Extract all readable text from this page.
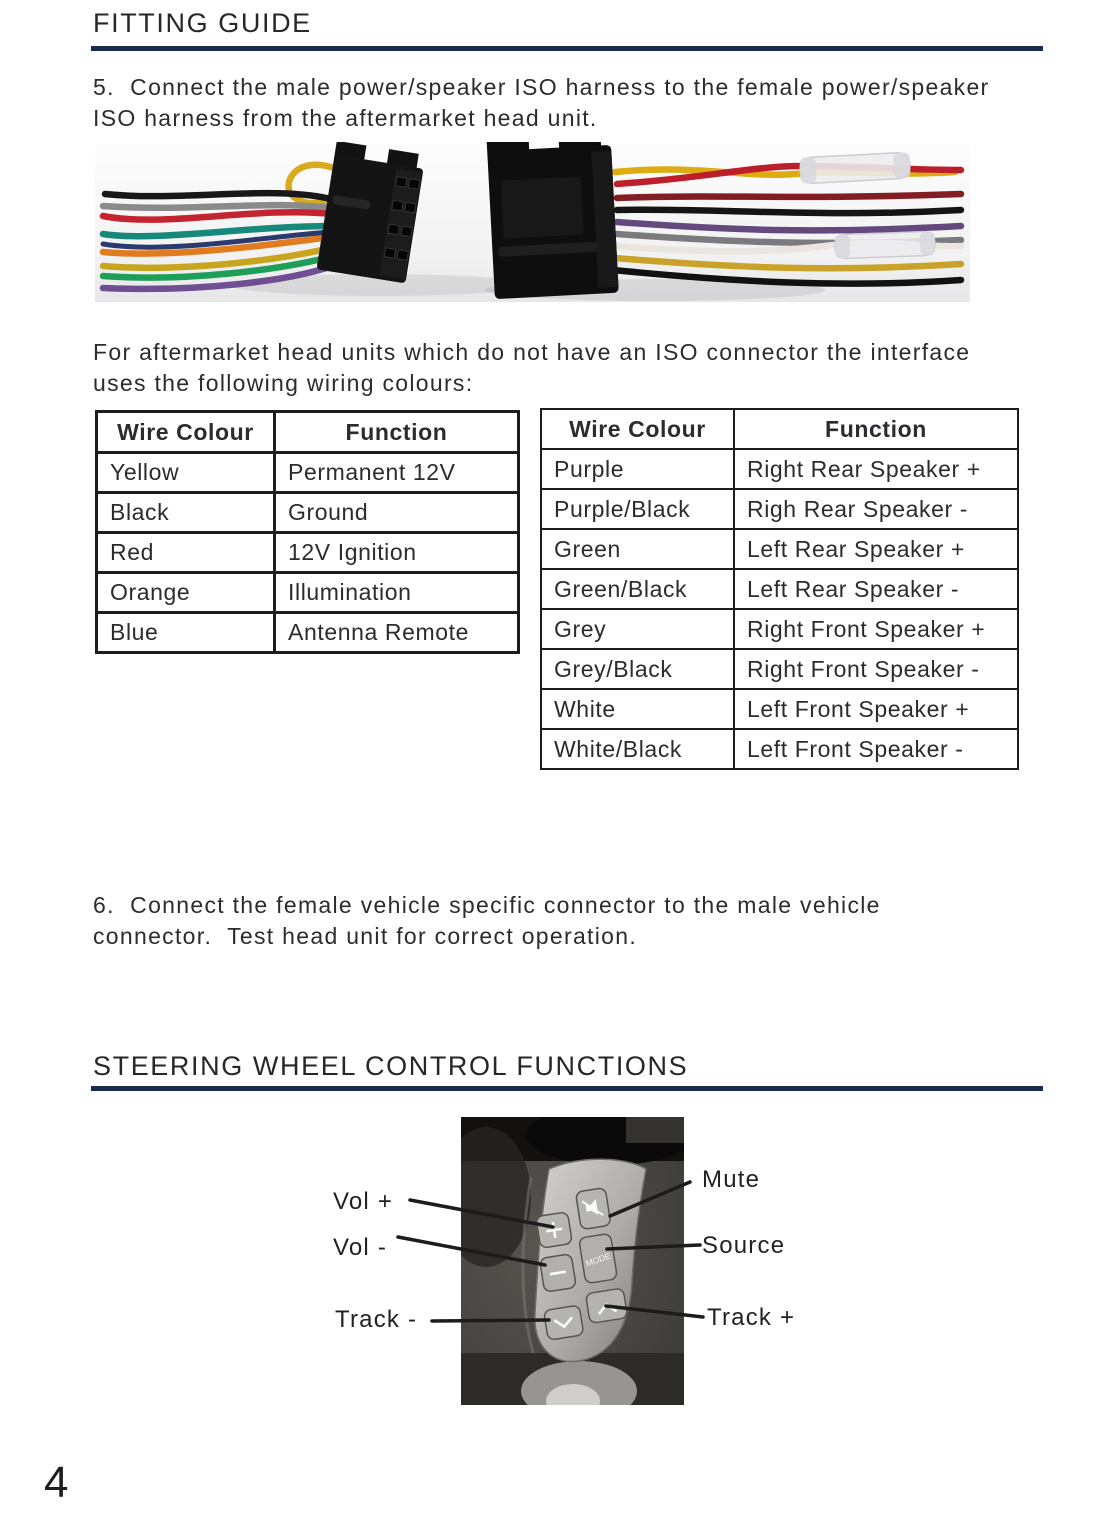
FITTING GUIDE

5.  Connect the male power/speaker ISO harness to the female power/speaker
ISO harness from the aftermarket head unit.

For aftermarket head units which do not have an ISO connector the interface
uses the following wiring colours:

Wire Colour	Function
Yellow	Permanent 12V
Black	Ground
Red	12V Ignition
Orange	Illumination
Blue	Antenna Remote
Wire Colour	Function
Purple	Right Rear Speaker +
Purple/Black	Righ Rear Speaker -
Green	Left Rear Speaker +
Green/Black	Left Rear Speaker -
Grey	Right Front Speaker +
Grey/Black	Right Front Speaker -
White	Left Front Speaker +
White/Black	Left Front Speaker -

6.  Connect the female vehicle specific connector to the male vehicle
connector.  Test head unit for correct operation.

STEERING WHEEL CONTROL FUNCTIONS
MODE
Vol +
Vol -
Track -
Mute
Source
Track +
4
